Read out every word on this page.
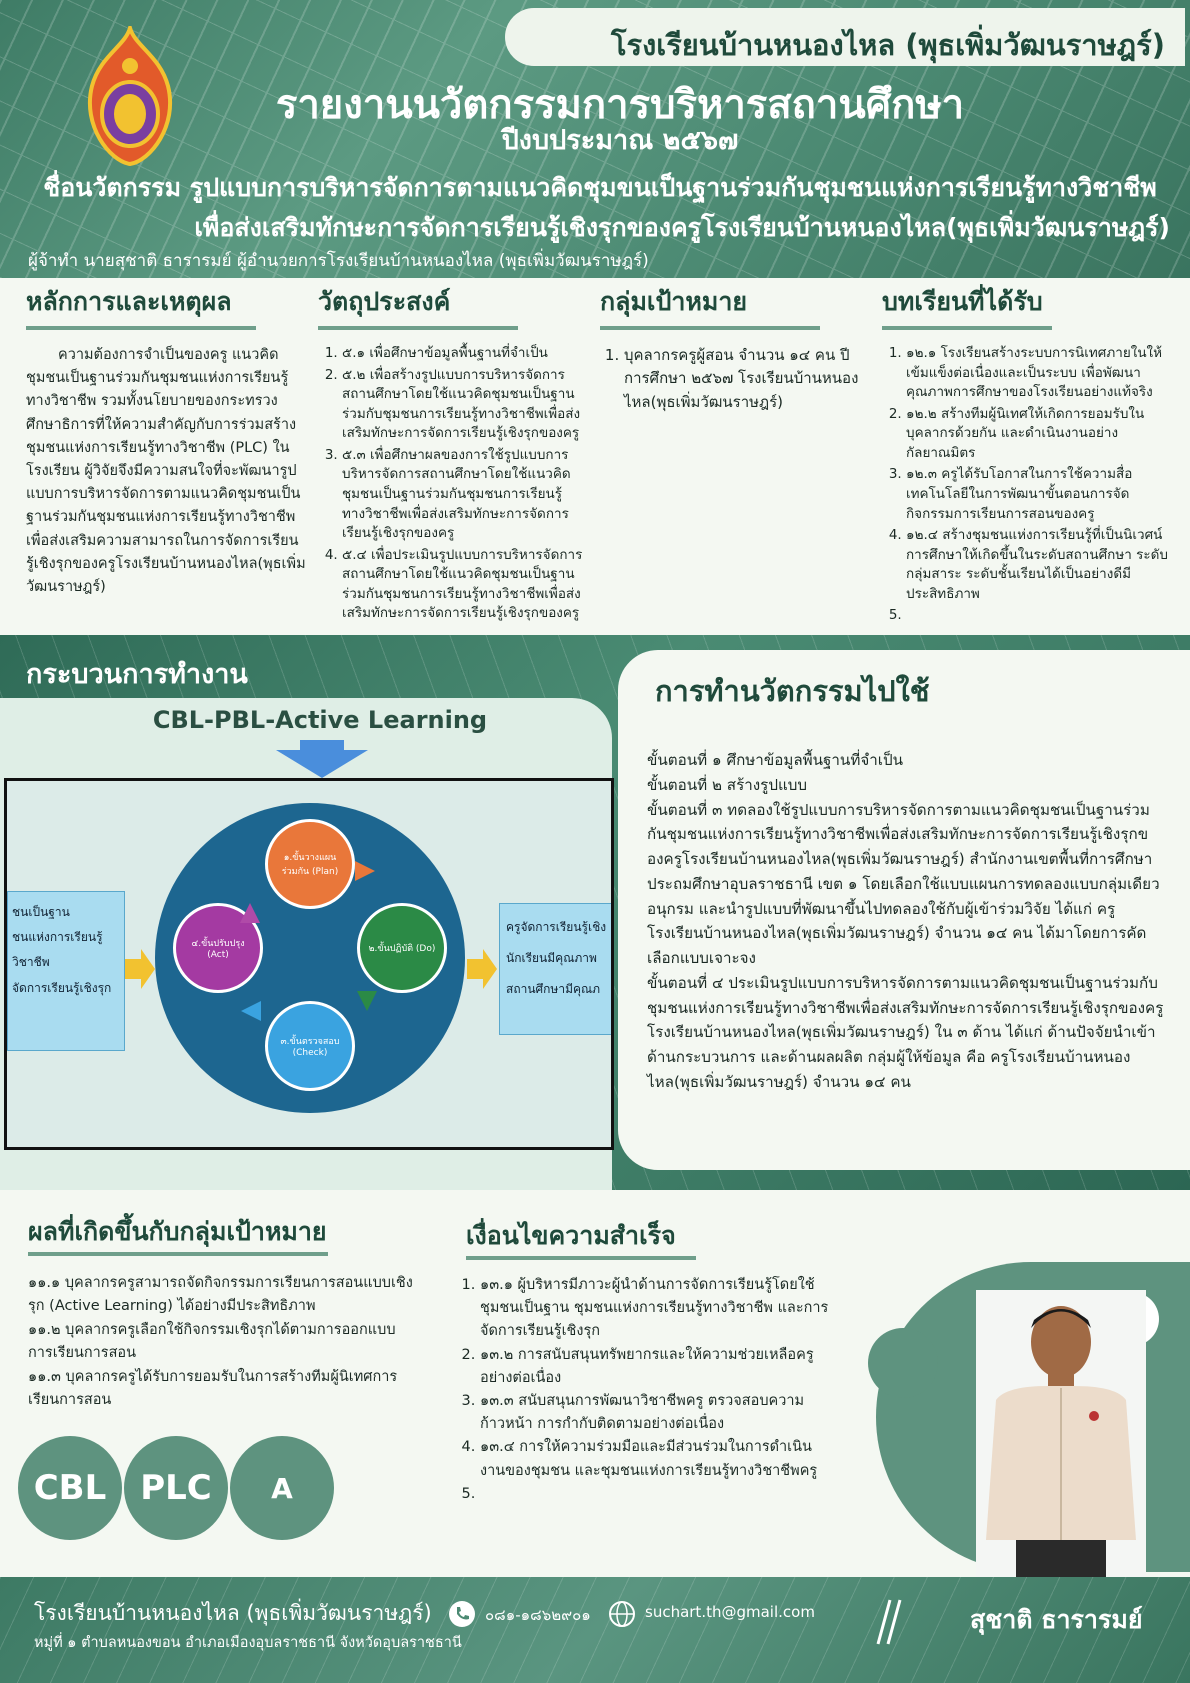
โรงเรียนบ้านหนองไหล (พุธเพิ่มวัฒนราษฎร์)
รายงานนวัตกรรมการบริหารสถานศึกษา
ปีงบประมาณ ๒๕๖๗
ชื่อนวัตกรรม รูปแบบการบริหารจัดการตามแนวคิดชุมขนเป็นฐานร่วมกันชุมชนแห่งการเรียนรู้ทางวิชาชีพ
เพื่อส่งเสริมทักษะการจัดการเรียนรู้เชิงรุกของครูโรงเรียนบ้านหนองไหล(พุธเพิ่มวัฒนราษฎร์)
ผู้จ้าทำ นายสุชาติ ธารารมย์ ผู้อำนวยการโรงเรียนบ้านหนองไหล (พุธเพิ่มวัฒนราษฎร์)
หลักการและเหตุผล

ความต้องการจำเป็นของครู แนวคิดชุมชนเป็นฐานร่วมกันชุมชนแห่งการเรียนรู้ทางวิชาชีพ รวมทั้งนโยบายของกระทรวงศึกษาธิการที่ให้ความสำคัญกับการร่วมสร้างชุมชนแห่งการเรียนรู้ทางวิชาชีพ (PLC) ในโรงเรียน ผู้วิจัยจึงมีความสนใจที่จะพัฒนารูปแบบการบริหารจัดการตามแนวคิดชุมชนเป็นฐานร่วมกันชุมชนแห่งการเรียนรู้ทางวิชาชีพเพื่อส่งเสริมความสามารถในการจัดการเรียนรู้เชิงรุกของครูโรงเรียนบ้านหนองไหล(พุธเพิ่มวัฒนราษฎร์)

วัตถุประสงค์
1. ๕.๑ เพื่อศึกษาข้อมูลพื้นฐานที่จำเป็น
2. ๕.๒ เพื่อสร้างรูปแบบการบริหารจัดการสถานศึกษาโดยใช้แนวคิดชุมชนเป็นฐานร่วมกับชุมชนการเรียนรู้ทางวิชาชีพเพื่อส่งเสริมทักษะการจัดการเรียนรู้เชิงรุกของครู
3. ๕.๓ เพื่อศึกษาผลของการใช้รูปแบบการบริหารจัดการสถานศึกษาโดยใช้แนวคิดชุมชนเป็นฐานร่วมกันชุมชนการเรียนรู้ทางวิชาชีพเพื่อส่งเสริมทักษะการจัดการเรียนรู้เชิงรุกของครู
4. ๕.๔ เพื่อประเมินรูปแบบการบริหารจัดการสถานศึกษาโดยใช้แนวคิดชุมชนเป็นฐานร่วมกันชุมชนการเรียนรู้ทางวิชาชีพเพื่อส่งเสริมทักษะการจัดการเรียนรู้เชิงรุกของครู
กลุ่มเป้าหมาย
1. บุคลากรครูผู้สอน จำนวน ๑๔ คน ปีการศึกษา ๒๕๖๗ โรงเรียนบ้านหนองไหล(พุธเพิ่มวัฒนราษฎร์)
บทเรียนที่ได้รับ
1. ๑๒.๑ โรงเรียนสร้างระบบการนิเทศภายในให้เข้มแข็งต่อเนื่องและเป็นระบบ เพื่อพัฒนาคุณภาพการศึกษาของโรงเรียนอย่างแท้จริง
2. ๑๒.๒ สร้างทีมผู้นิเทศให้เกิดการยอมรับในบุคลากรด้วยกัน และดำเนินงานอย่างกัลยาณมิตร
3. ๑๒.๓ ครูได้รับโอกาสในการใช้ความสื่อเทคโนโลยีในการพัฒนาขั้นตอนการจัดกิจกรรมการเรียนการสอนของครู
4. ๑๒.๔ สร้างชุมชนแห่งการเรียนรู้ที่เป็นนิเวศน์การศึกษาให้เกิดขึ้นในระดับสถานศึกษา ระดับกลุ่มสาระ ระดับชั้นเรียนได้เป็นอย่างดีมีประสิทธิภาพ
5.
กระบวนการทำงาน
CBL-PBL-Active Learning
ชนเป็นฐาน
ชนแห่งการเรียนรู้
วิชาชีพ
จัดการเรียนรู้เชิงรุก
๑.ขั้นวางแผนร่วมกัน (Plan)
๒.ขั้นปฏิบัติ (Do)
๓.ขั้นตรวจสอบ (Check)
๔.ขั้นปรับปรุง (Act)
ครูจัดการเรียนรู้เชิง
นักเรียนมีคุณภาพ
สถานศึกษามีคุณภ
การทำนวัตกรรมไปใช้
ขั้นตอนที่ ๑ ศึกษาข้อมูลพื้นฐานที่จำเป็น
ขั้นตอนที่ ๒ สร้างรูปแบบ
ขั้นตอนที่ ๓ ทดลองใช้รูปแบบการบริหารจัดการตามแนวคิดชุมชนเป็นฐานร่วมกันชุมชนแห่งการเรียนรู้ทางวิชาชีพเพื่อส่งเสริมทักษะการจัดการเรียนรู้เชิงรุกของครูโรงเรียนบ้านหนองไหล(พุธเพิ่มวัฒนราษฎร์) สำนักงานเขตพื้นที่การศึกษาประถมศึกษาอุบลราชธานี เขต ๑ โดยเลือกใช้แบบแผนการทดลองแบบกลุ่มเดียวอนุกรม และนำรูปแบบที่พัฒนาขึ้นไปทดลองใช้กับผู้เข้าร่วมวิจัย ได้แก่ ครูโรงเรียนบ้านหนองไหล(พุธเพิ่มวัฒนราษฎร์) จำนวน ๑๔ คน ได้มาโดยการคัดเลือกแบบเจาะจง
ขั้นตอนที่ ๔ ประเมินรูปแบบการบริหารจัดการตามแนวคิดชุมชนเป็นฐานร่วมกับชุมชนแห่งการเรียนรู้ทางวิชาชีพเพื่อส่งเสริมทักษะการจัดการเรียนรู้เชิงรุกของครูโรงเรียนบ้านหนองไหล(พุธเพิ่มวัฒนราษฎร์) ใน ๓ ด้าน ได้แก่ ด้านปัจจัยนำเข้า ด้านกระบวนการ และด้านผลผลิต กลุ่มผู้ให้ข้อมูล คือ ครูโรงเรียนบ้านหนองไหล(พุธเพิ่มวัฒนราษฎร์) จำนวน ๑๔ คน
ผลที่เกิดขึ้นกับกลุ่มเป้าหมาย
๑๑.๑ บุคลากรครูสามารถจัดกิจกรรมการเรียนการสอนแบบเชิงรุก (Active Learning) ได้อย่างมีประสิทธิภาพ
๑๑.๒ บุคลากรครูเลือกใช้กิจกรรมเชิงรุกได้ตามการออกแบบการเรียนการสอน
๑๑.๓ บุคลากรครูได้รับการยอมรับในการสร้างทีมผู้นิเทศการเรียนการสอน
CBL PLC	A
เงื่อนไขความสำเร็จ
1. ๑๓.๑ ผู้บริหารมีภาวะผู้นำด้านการจัดการเรียนรู้โดยใช้ชุมชนเป็นฐาน ชุมชนแห่งการเรียนรู้ทางวิชาชีพ และการจัดการเรียนรู้เชิงรุก
2. ๑๓.๒ การสนับสนุนทรัพยากรและให้ความช่วยเหลือครูอย่างต่อเนื่อง
3. ๑๓.๓ สนับสนุนการพัฒนาวิชาชีพครู ตรวจสอบความก้าวหน้า การกำกับติดตามอย่างต่อเนื่อง
4. ๑๓.๔ การให้ความร่วมมือและมีส่วนร่วมในการดำเนินงานของชุมชน และชุมชนแห่งการเรียนรู้ทางวิชาชีพครู
5.
โรงเรียนบ้านหนองไหล (พุธเพิ่มวัฒนราษฎร์)
หมู่ที่ ๑ ตำบลหนองขอน อำเภอเมืองอุบลราชธานี จังหวัดอุบลราชธานี
๐๘๑-๑๘๖๒๙๐๑	suchart.th@gmail.com	สุชาติ ธารารมย์
